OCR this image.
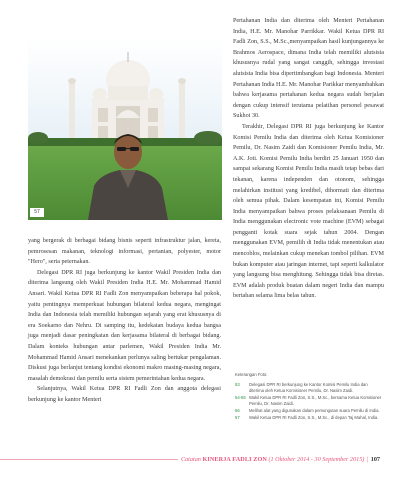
57

Pertahanan India dan diterima oleh Menteri Pertahanan India, H.E. Mr. Manohar Parrikkar. Wakil Ketua DPR RI Fadli Zon, S.S., M.Sc.,menyampaikan hasil kunjungannya ke Brahmos Aerospace, dimana India telah memiliki alutsista khususnya rudal yang sangat canggih, sehingga investasi alutsista India bisa dipertimbangkan bagi Indonesia. Menteri Pertahanan India H.E. Mr. Manohar Parikkar menyambahkan bahwa kerjasama pertahanan kedua negara sudah berjalan dengan cukup intensif terutama pelatihan personel pesawat Sukhoi 30.

Terakhir, Delegasi DPR RI juga berkunjung ke Kantor Komisi Pemilu India dan diterima oleh Ketua Komisioner Pemilu, Dr. Nasim Zaidi dan Komisioner Pemilu India, Mr. A.K. Joti. Komisi Pemilu India berdiri 25 Januari 1950 dan sampai sekarang Komisi Pemilu India masih tetap bebas dari tekanan, karena independen dan otonom, sehingga melahirkan institusi yang kredibel, dihormati dan diterima oleh semua pihak. Dalam kesempatan ini, Komisi Pemilu India menyampaikan bahwa proses pelaksanaan Pemilu di India menggunakan electronic vote machine (EVM) sebagai pengganti kotak suara sejak tahun 2004. Dengan menggunakan EVM, pemilih di India tidak menentukan atau mencoblos, melainkan cukup menekan tombol pilihan. EVM bukan komputer atau jaringan internet, tapi seperti kalkulator yang langsung bisa menghitung. Sehingga tidak bisa diretas. EVM adalah produk buatan dalam negeri India dan mampu bertahan selama lima belas tahun.

yang bergerak di berbagai bidang bisnis seperti infrastruktur jalan, kereta, pemrosesan makanan, teknologi informasi, pertanian, polyester, motor "Hero", serta peternakan.

Delegasi DPR RI juga berkunjung ke kantor Wakil Presiden India dan diterima langsung oleh Wakil Presiden India H.E. Mr. Mohammad Hamid Ansari. Wakil Ketua DPR RI Fadli Zon menyampaikan beberapa hal pokok, yaitu pentingnya memperkuat hubungan bilateral kedua negara, mengingat India dan Indonesia telah memiliki hubungan sejarah yang erat khususnya di era Soekarno dan Nehru. Di samping itu, kedekatan budaya kedua bangsa juga menjadi dasar peningkatan dan kerjasama bilateral di berbagai bidang. Dalam konteks hubungan antar parlemen, Wakil Presiden India Mr. Mohammad Hamid Ansari menekankan perlunya saling bertukar pengalaman. Diskusi juga berlanjut tentang kondisi ekonomi makro masing-masing negara, masalah demokrasi dan pemilu serta sistem pemerintahan kedua negara.

Selanjutnya, Wakil Ketua DPR RI Fadli Zon dan anggota delegasi berkunjung ke kantor Menteri

Keterangan Foto:

53	Delegasi DPR RI berkunjung ke Kantor Komisi Pemilu India dan diterima oleh Ketua Komisioner Pemilu, Dr. Nasim Zaidi.
54-55 Wakil Ketua DPR RI Fadli Zon, S.S., M.Sc., bersama Ketua Komisioner Pemilu, Dr. Nasim Zaidi.
56	Melihat alat yang digunakan dalam pemungutan suara Pemilu di India.
57	Wakil Ketua DPR RI Fadli Zon, S.S., M.Sc., di depan Taj Mahal, India.
Catatan KINERJA FADLI ZON (1 Oktober 2014 - 30 September 2015) | 107
